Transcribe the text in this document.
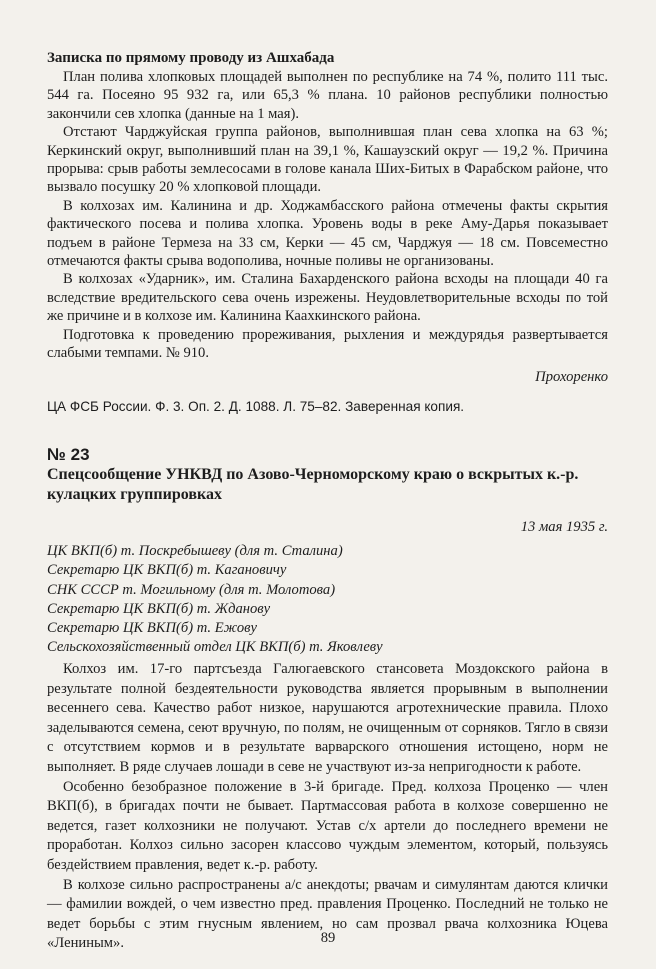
Записка по прямому проводу из Ашхабада

План полива хлопковых площадей выполнен по республике на 74 %, полито 111 тыс. 544 га. Посеяно 95 932 га, или 65,3 % плана. 10 районов республики полностью закончили сев хлопка (данные на 1 мая).

Отстают Чарджуйская группа районов, выполнившая план сева хлопка на 63 %; Керкинский округ, выполнивший план на 39,1 %, Кашаузский округ — 19,2 %. Причина прорыва: срыв работы землесосами в голове канала Ших-Битых в Фарабском районе, что вызвало посушку 20 % хлопковой площади.

В колхозах им. Калинина и др. Ходжамбасского района отмечены факты скрытия фактического посева и полива хлопка. Уровень воды в реке Аму-Дарья показывает подъем в районе Термеза на 33 см, Керки — 45 см, Чарджуя — 18 см. Повсеместно отмечаются факты срыва водополива, ночные поливы не организованы.

В колхозах «Ударник», им. Сталина Бахарденского района всходы на площади 40 га вследствие вредительского сева очень изрежены. Неудовлетворительные всходы по той же причине и в колхозе им. Калинина Каахкинского района.

Подготовка к проведению прореживания, рыхления и междурядья развертывается слабыми темпами. № 910.

Прохоренко

ЦА ФСБ России. Ф. 3. Оп. 2. Д. 1088. Л. 75–82. Заверенная копия.

№ 23

Спецсообщение УНКВД по Азово-Черноморскому краю о вскрытых к.-р. кулацких группировках

13 мая 1935 г.

ЦК ВКП(б) т. Поскребышеву (для т. Сталина)

Секретарю ЦК ВКП(б) т. Кагановичу

СНК СССР т. Могильному (для т. Молотова)

Секретарю ЦК ВКП(б) т. Жданову

Секретарю ЦК ВКП(б) т. Ежову

Сельскохозяйственный отдел ЦК ВКП(б) т. Яковлеву

Колхоз им. 17-го партсъезда Галюгаевского стансовета Моздокского района в результате полной бездеятельности руководства является прорывным в выполнении весеннего сева. Качество работ низкое, нарушаются агротехнические правила. Плохо заделываются семена, сеют вручную, по полям, не очищенным от сорняков. Тягло в связи с отсутствием кормов и в результате варварского отношения истощено, норм не выполняет. В ряде случаев лошади в севе не участвуют из-за непригодности к работе.

Особенно безобразное положение в 3-й бригаде. Пред. колхоза Проценко — член ВКП(б), в бригадах почти не бывает. Партмассовая работа в колхозе совершенно не ведется, газет колхозники не получают. Устав с/х артели до последнего времени не проработан. Колхоз сильно засорен классово чуждым элементом, который, пользуясь бездействием правления, ведет к.-р. работу.

В колхозе сильно распространены а/с анекдоты; рвачам и симулянтам даются клички — фамилии вождей, о чем известно пред. правления Проценко. Последний не только не ведет борьбы с этим гнусным явлением, но сам прозвал рвача колхозника Юцева «Лениным».	89
